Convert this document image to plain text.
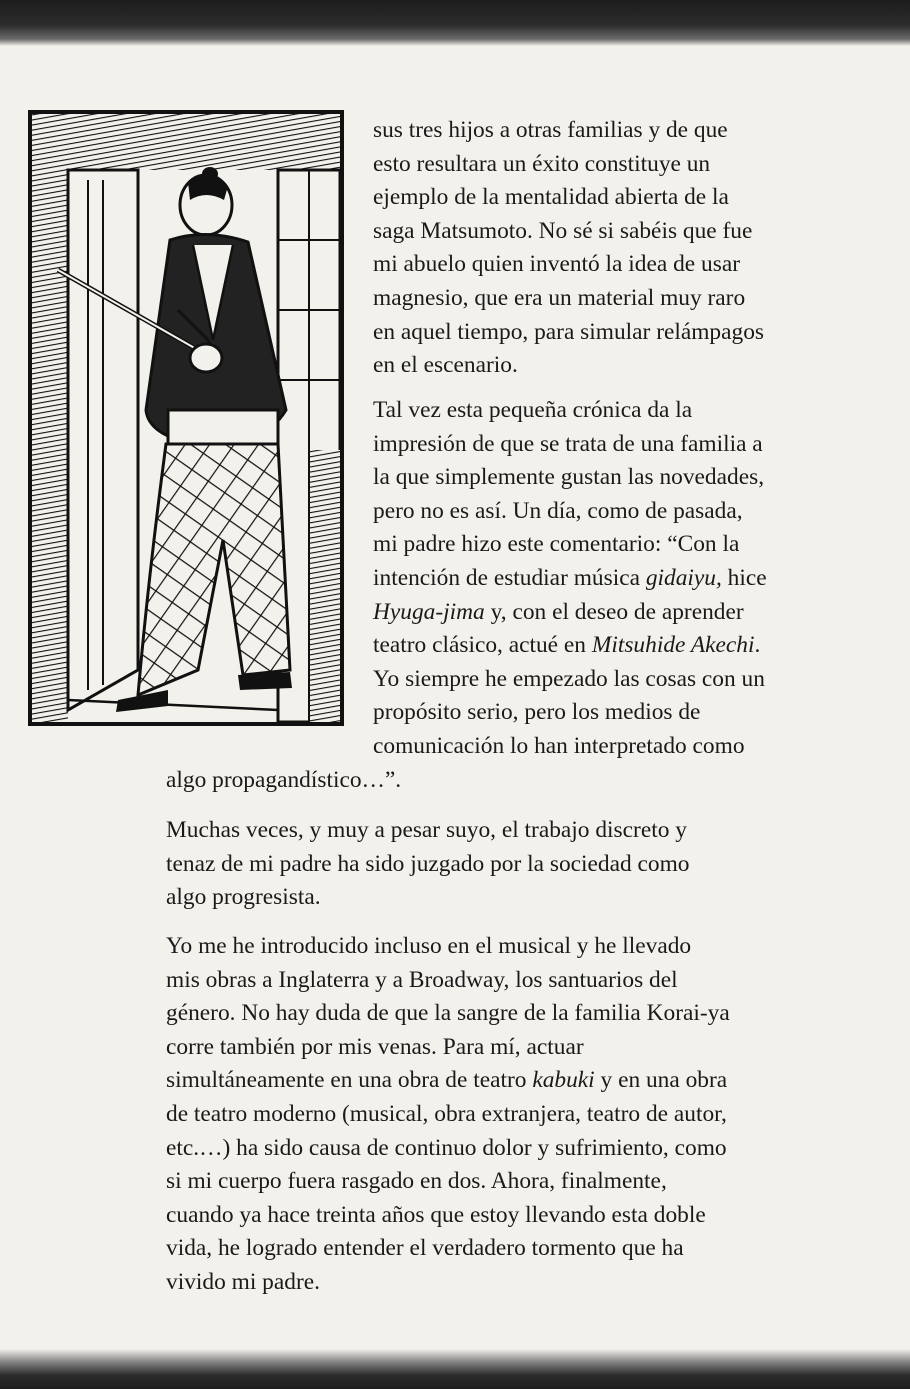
sus tres hijos a otras familias y de que
esto resultara un éxito constituye un
ejemplo de la mentalidad abierta de la
saga Matsumoto. No sé si sabéis que fue
mi abuelo quien inventó la idea de usar
magnesio, que era un material muy raro
en aquel tiempo, para simular relámpagos
en el escenario.
Tal vez esta pequeña crónica da la
impresión de que se trata de una familia a
la que simplemente gustan las novedades,
pero no es así. Un día, como de pasada,
mi padre hizo este comentario: “Con la
intención de estudiar música gidaiyu, hice
Hyuga-jima y, con el deseo de aprender
teatro clásico, actué en Mitsuhide Akechi.
Yo siempre he empezado las cosas con un
propósito serio, pero los medios de
comunicación lo han interpretado como
algo propagandístico…”.
Muchas veces, y muy a pesar suyo, el trabajo discreto y
tenaz de mi padre ha sido juzgado por la sociedad como
algo progresista.
Yo me he introducido incluso en el musical y he llevado
mis obras a Inglaterra y a Broadway, los santuarios del
género. No hay duda de que la sangre de la familia Korai-ya
corre también por mis venas. Para mí, actuar
simultáneamente en una obra de teatro kabuki y en una obra
de teatro moderno (musical, obra extranjera, teatro de autor,
etc.…) ha sido causa de continuo dolor y sufrimiento, como
si mi cuerpo fuera rasgado en dos. Ahora, finalmente,
cuando ya hace treinta años que estoy llevando esta doble
vida, he logrado entender el verdadero tormento que ha
vivido mi padre.
